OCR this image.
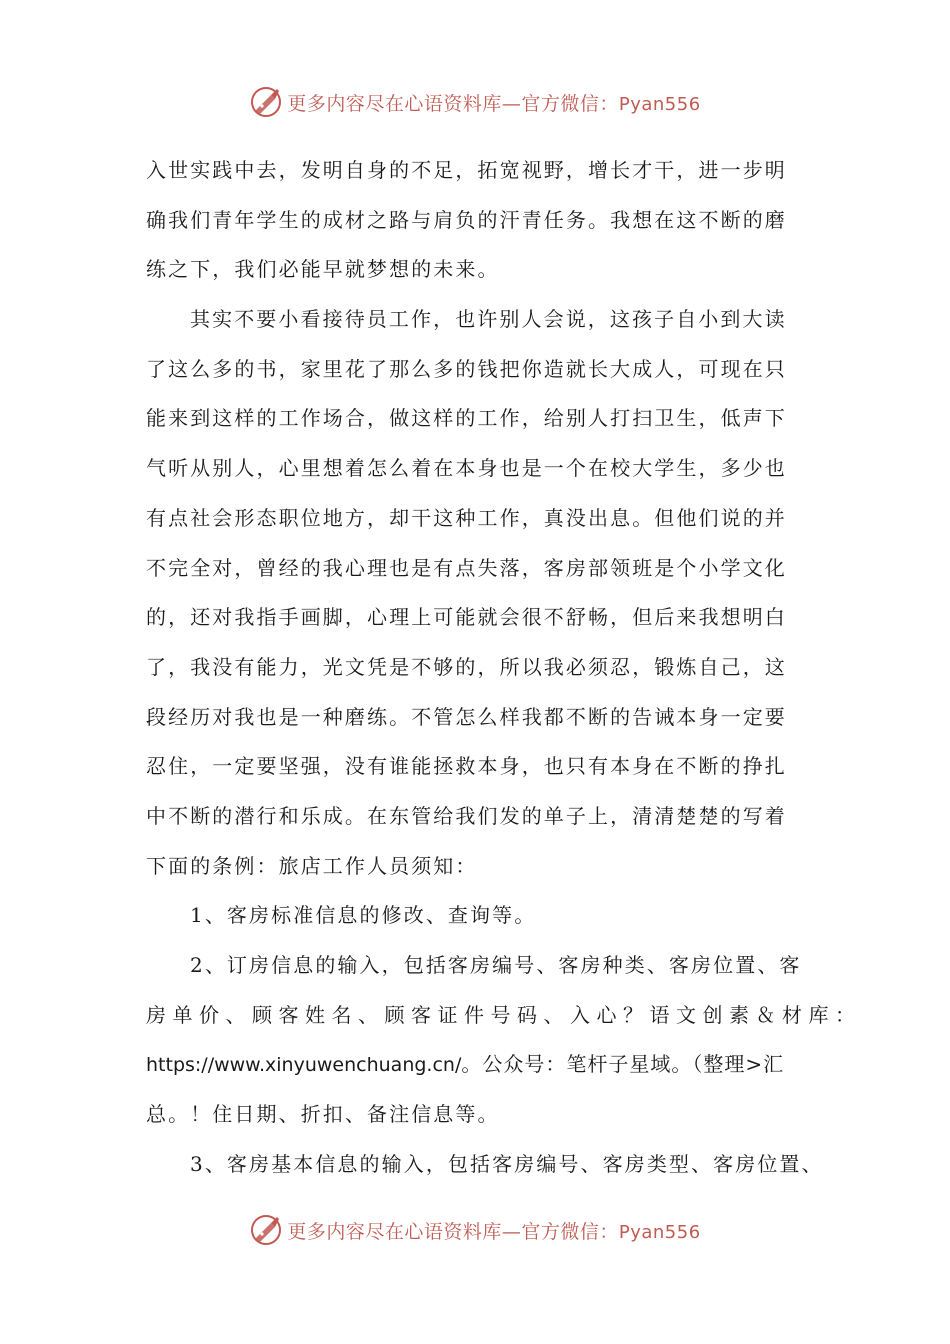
更多内容尽在心语资料库—官方微信：Pyan556
入世实践中去，发明自身的不足，拓宽视野，增长才干，进一步明
确我们青年学生的成材之路与肩负的汗青任务。我想在这不断的磨
练之下，我们必能早就梦想的未来。
其实不要小看接待员工作，也许别人会说，这孩子自小到大读
了这么多的书，家里花了那么多的钱把你造就长大成人，可现在只
能来到这样的工作场合，做这样的工作，给别人打扫卫生，低声下
气听从别人，心里想着怎么着在本身也是一个在校大学生，多少也
有点社会形态职位地方，却干这种工作，真没出息。但他们说的并
不完全对，曾经的我心理也是有点失落，客房部领班是个小学文化
的，还对我指手画脚，心理上可能就会很不舒畅，但后来我想明白
了，我没有能力，光文凭是不够的，所以我必须忍，锻炼自己，这
段经历对我也是一种磨练。不管怎么样我都不断的告诫本身一定要
忍住，一定要坚强，没有谁能拯救本身，也只有本身在不断的挣扎
中不断的潜行和乐成。在东管给我们发的单子上，清清楚楚的写着
下面的条例：旅店工作人员须知：
1、客房标准信息的修改、查询等。
2、订房信息的输入，包括客房编号、客房种类、客房位置、客
房单价、顾客姓名、顾客证件号码、入心？语文创素＆材库：
https://www.xinyuwenchuang.cn/。公众号：笔杆子星域。（整理>汇
总。！住日期、折扣、备注信息等。
3、客房基本信息的输入，包括客房编号、客房类型、客房位置、
更多内容尽在心语资料库—官方微信：Pyan556
